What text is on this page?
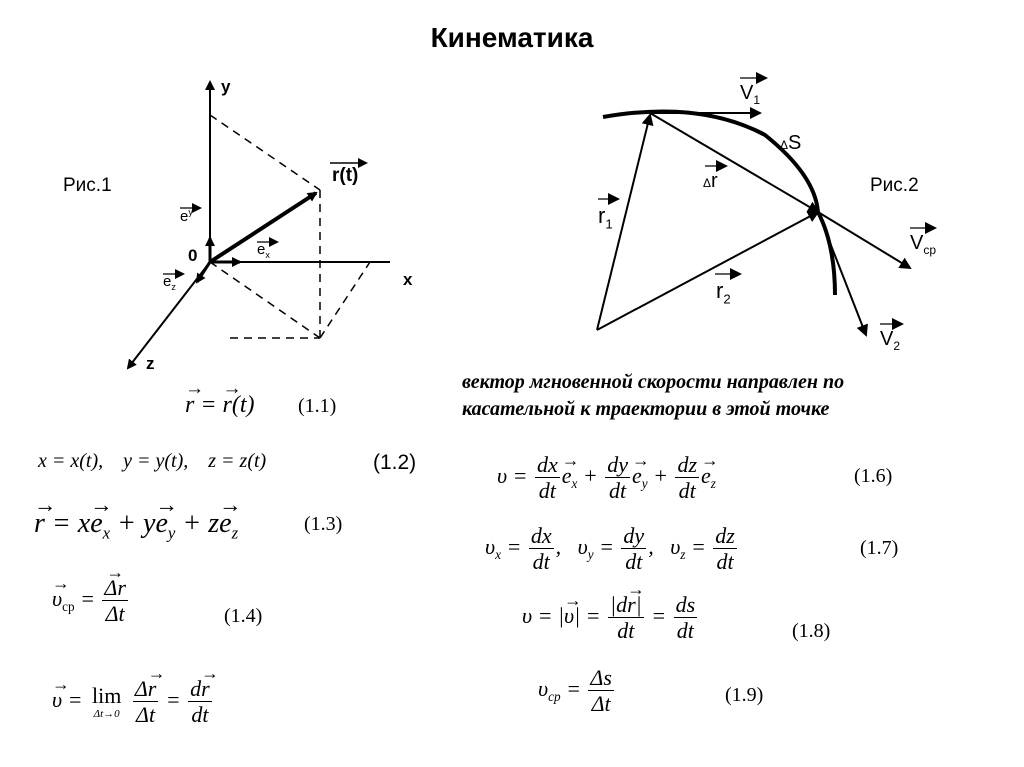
Кинематика
Рис.1
y
x
z
0
r(t)
$e_y$
$e_x$
$e_z$
Рис.2
$V_1$
ΔS
Δr
$r_1$
$r_2$
$V_{ср}$
$V_2$
вектор мгновенной скорости направлен по
касательной к траектории в этой точке
→ r = → r(t) (1.1)
x = x(t),    y = y(t),    z = z(t)	(1.2)
→ $r = x\to e_x + y\to e_y + z\to e_z$	(1.3)
→ $\upsilon_{ср}$ =
→ $\frac{\Delta r}{\Delta t}$	(1.4)
→ υ = lim
Δt→0
$\frac{\Delta\to r}{\Delta t} = \frac{d\to r}{dt}$
$\upsilon = \frac{dx}{dt}$
→ $e_x + \frac{dy}{dt}$
→ $e_y + \frac{dz}{dt}$
→ $e_z$	(1.6)
$\upsilon_x = \frac{dx}{dt}$ ,   $\upsilon_y = \frac{dy}{dt}$ ,   $\upsilon_z = \frac{dz}{dt}$	(1.7)
υ = |→ $\upsilon| = \frac{|d\to r|}{dt} = \frac{ds}{dt}$	(1.8)
$\upsilon_{cp} = \frac{\Delta s}{\Delta t}$	(1.9)
